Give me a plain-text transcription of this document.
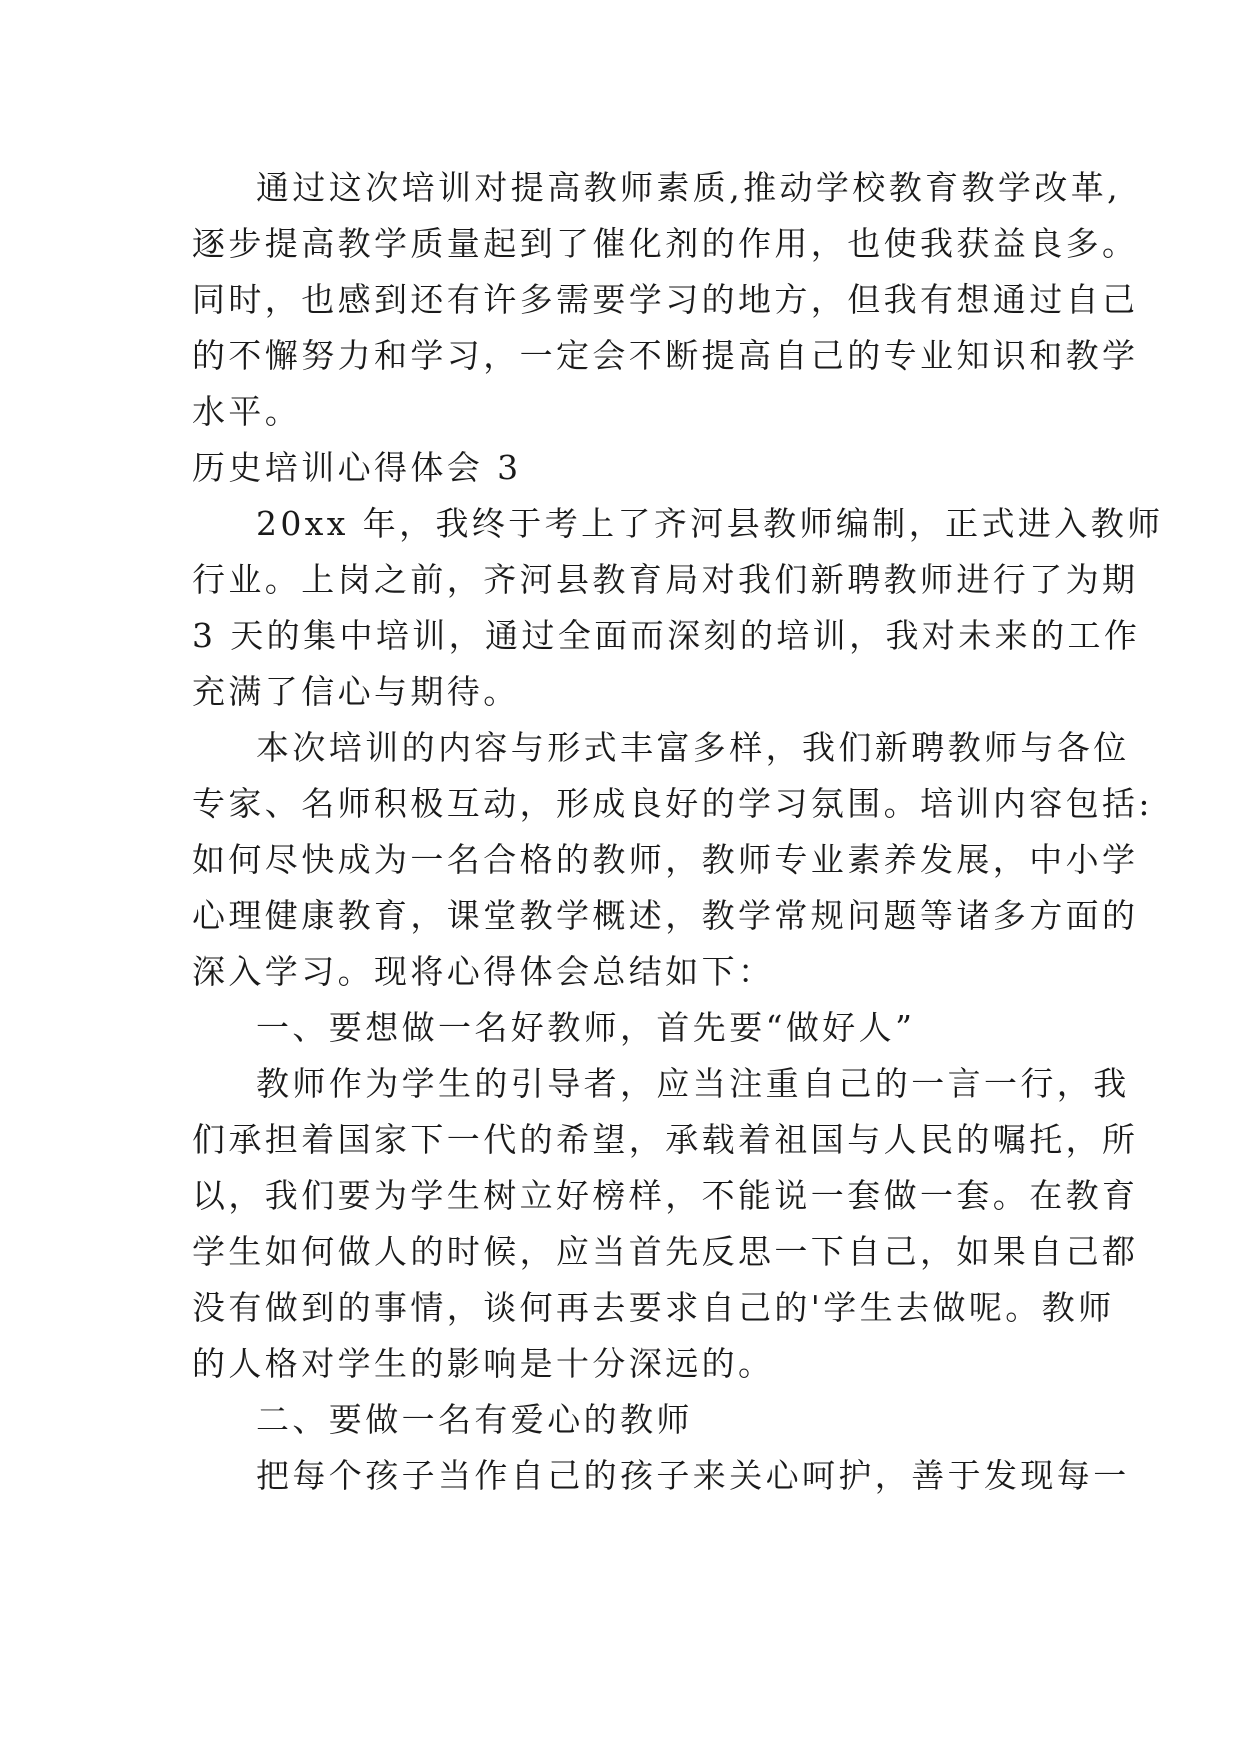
通过这次培训对提高教师素质,推动学校教育教学改革,

逐步提高教学质量起到了催化剂的作用，也使我获益良多。

同时，也感到还有许多需要学习的地方，但我有想通过自己

的不懈努力和学习，一定会不断提高自己的专业知识和教学

水平。

历史培训心得体会 3

20xx 年，我终于考上了齐河县教师编制，正式进入教师

行业。上岗之前，齐河县教育局对我们新聘教师进行了为期

3 天的集中培训，通过全面而深刻的培训，我对未来的工作

充满了信心与期待。

本次培训的内容与形式丰富多样，我们新聘教师与各位

专家、名师积极互动，形成良好的学习氛围。培训内容包括:

如何尽快成为一名合格的教师，教师专业素养发展，中小学

心理健康教育，课堂教学概述，教学常规问题等诸多方面的

深入学习。现将心得体会总结如下：

一、要想做一名好教师，首先要“做好人”

教师作为学生的引导者，应当注重自己的一言一行，我

们承担着国家下一代的希望，承载着祖国与人民的嘱托，所

以，我们要为学生树立好榜样，不能说一套做一套。在教育

学生如何做人的时候，应当首先反思一下自己，如果自己都

没有做到的事情，谈何再去要求自己的'学生去做呢。教师

的人格对学生的影响是十分深远的。

二、要做一名有爱心的教师

把每个孩子当作自己的孩子来关心呵护，善于发现每一
